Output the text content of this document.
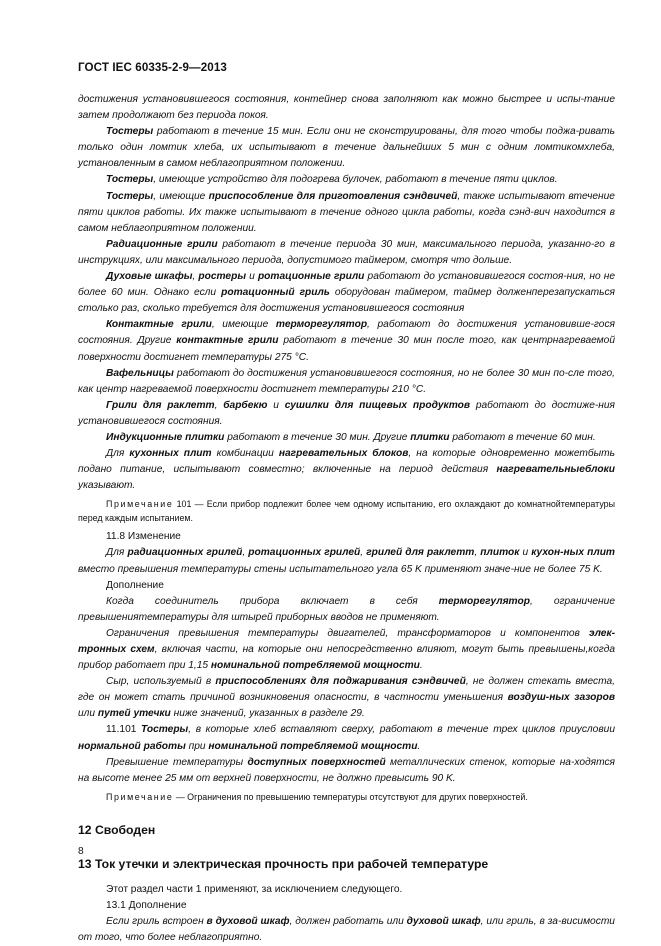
ГОСТ IEC 60335-2-9—2013

достижения установившегося состояния, контейнер снова заполняют как можно быстрее и испы-тание затем продолжают без периода покоя.

Тостеры работают в течение 15 мин. Если они не сконструированы, для того чтобы поджа-ривать только один ломтик хлеба, их испытывают в течение дальнейших 5 мин с одним ломтикомхлеба, установленным в самом неблагоприятном положении.

Тостеры, имеющие устройство для подогрева булочек, работают в течение пяти циклов.

Тостеры, имеющие приспособление для приготовления сэндвичей, также испытывают втечение пяти циклов работы. Их также испытывают в течение одного цикла работы, когда сэнд-вич находится в самом неблагоприятном положении.

Радиационные грили работают в течение периода 30 мин, максимального периода, указанно-го в инструкциях, или максимального периода, допустимого таймером, смотря что дольше.

Духовые шкафы, ростеры и ротационные грили работают до установившегося состоя-ния, но не более 60 мин. Однако если ротационный гриль оборудован таймером, таймер долженперезапускаться столько раз, сколько требуется для достижения установившегося состояния

Контактные грили, имеющие терморегулятор, работают до достижения установивше-гося состояния. Другие контактные грили работают в течение 30 мин после того, как центрнагреваемой поверхности достигнет температуры 275 °C.

Вафельницы работают до достижения установившегося состояния, но не более 30 мин по-сле того, как центр нагреваемой поверхности достигнет температуры 210 °C.

Грили для раклетт, барбекю и сушилки для пищевых продуктов работают до достиже-ния установившегося состояния.

Индукционные плитки работают в течение 30 мин. Другие плитки работают в течение 60 мин.

Для кухонных плит комбинации нагревательных блоков, на которые одновременно можетбыть подано питание, испытывают совместно; включенные на период действия нагревательныеблоки указывают.

Примечание 101 — Если прибор подлежит более чем одному испытанию, его охлаждают до комнатнойтемпературы перед каждым испытанием.

11.8 Изменение

Для радиационных грилей, ротационных грилей, грилей для раклетт, плиток и кухон-ных плит вместо превышения температуры стены испытательного угла 65 K применяют значе-ние не более 75 K.

Дополнение

Когда соединитель прибора включает в себя терморегулятор, ограничение превышениятемпературы для штырей приборных вводов не применяют.

Ограничения превышения температуры двигателей, трансформаторов и компонентов элек-тронных схем, включая части, на которые они непосредственно влияют, могут быть превышены,когда прибор работает при 1,15 номинальной потребляемой мощности.

Сыр, используемый в приспособлениях для поджаривания сэндвичей, не должен стекать вместа, где он может стать причиной возникновения опасности, в частности уменьшения воздуш-ных зазоров или путей утечки ниже значений, указанных в разделе 29.

11.101 Тостеры, в которые хлеб вставляют сверху, работают в течение трех циклов приусловии нормальной работы при номинальной потребляемой мощности.

Превышение температуры доступных поверхностей металлических стенок, которые на-ходятся на высоте менее 25 мм от верхней поверхности, не должно превысить 90 K.

Примечание — Ограничения по превышению температуры отсутствуют для других поверхностей.

12 Свободен
13 Ток утечки и электрическая прочность при рабочей температуре

Этот раздел части 1 применяют, за исключением следующего.

13.1 Дополнение

Если гриль встроен в духовой шкаф, должен работать или духовой шкаф, или гриль, в за-висимости от того, что более неблагоприятно.

8
